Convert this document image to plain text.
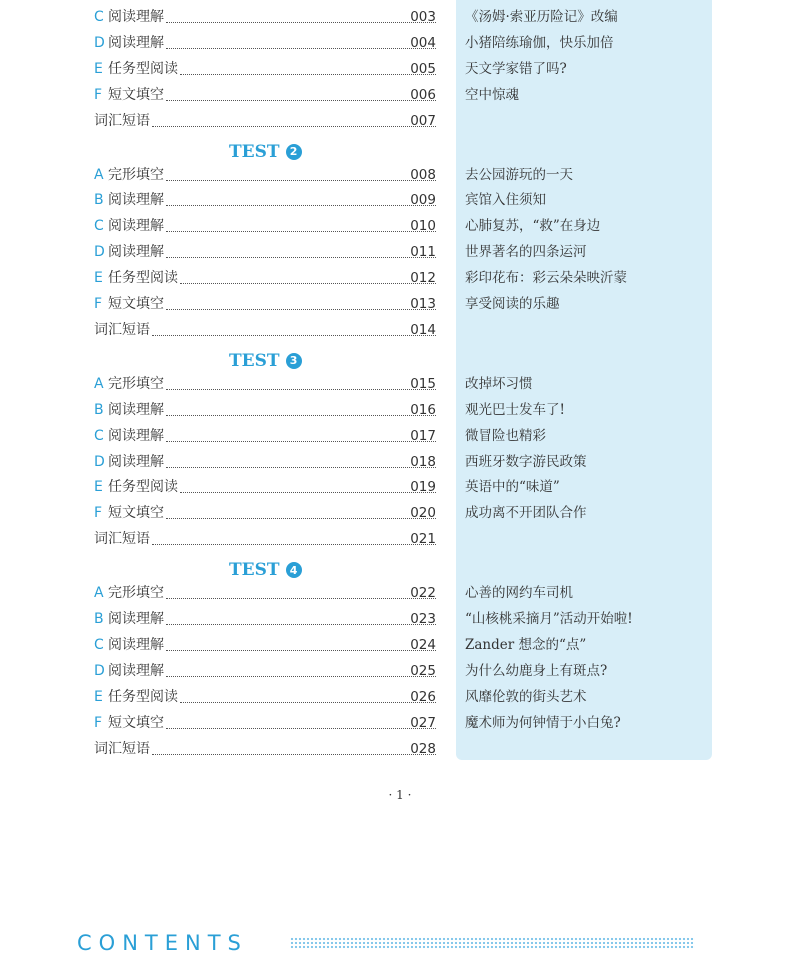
C 阅读理解	003 《汤姆·索亚历险记》改编
D 阅读理解	004 小猪陪练瑜伽，快乐加倍
E 任务型阅读	005 天文学家错了吗?
F 短文填空	006 空中惊魂
词汇短语	007
TEST 2
A 完形填空	008 去公园游玩的一天
B 阅读理解	009 宾馆入住须知
C 阅读理解	010 心肺复苏，“救”在身边
D 阅读理解	011 世界著名的四条运河
E 任务型阅读	012 彩印花布：彩云朵朵映沂蒙
F 短文填空	013 享受阅读的乐趣
词汇短语	014
TEST 3
A 完形填空	015 改掉坏习惯
B 阅读理解	016 观光巴士发车了!
C 阅读理解	017 微冒险也精彩
D 阅读理解	018 西班牙数字游民政策
E 任务型阅读	019 英语中的“味道”
F 短文填空	020 成功离不开团队合作
词汇短语	021
TEST 4
A 完形填空	022 心善的网约车司机
B 阅读理解	023 “山核桃采摘月”活动开始啦!
C 阅读理解	024 Zander 想念的“点”
D 阅读理解	025 为什么幼鹿身上有斑点?
E 任务型阅读	026 风靡伦敦的街头艺术
F 短文填空	027 魔术师为何钟情于小白兔?
词汇短语	028
· 1 ·
CONTENTS
